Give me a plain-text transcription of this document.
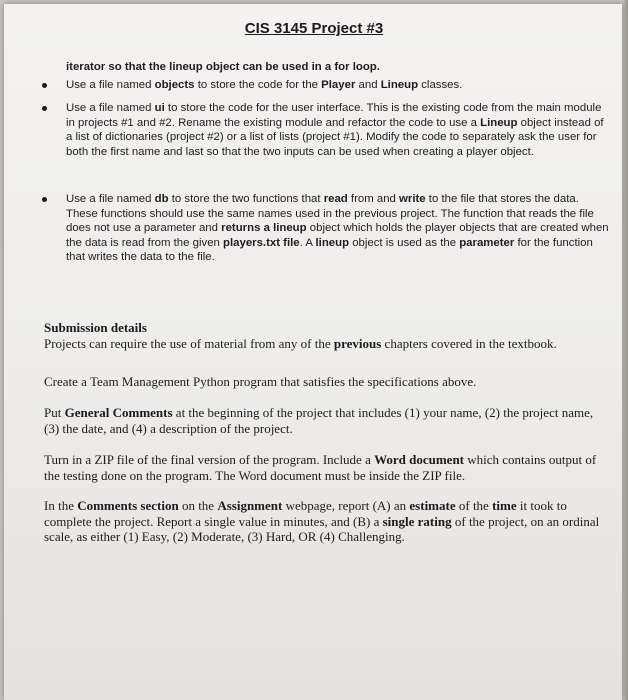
CIS 3145 Project #3
iterator so that the lineup object can be used in a for loop.
Use a file named objects to store the code for the Player and Lineup classes.
Use a file named ui to store the code for the user interface. This is the existing code from the main module in projects #1 and #2. Rename the existing module and refactor the code to use a Lineup object instead of a list of dictionaries (project #2) or a list of lists (project #1). Modify the code to separately ask the user for both the first name and last so that the two inputs can be used when creating a player object.
Use a file named db to store the two functions that read from and write to the file that stores the data. These functions should use the same names used in the previous project. The function that reads the file does not use a parameter and returns a lineup object which holds the player objects that are created when the data is read from the given players.txt file. A lineup object is used as the parameter for the function that writes the data to the file.
Submission details
Projects can require the use of material from any of the previous chapters covered in the textbook.
Create a Team Management Python program that satisfies the specifications above.
Put General Comments at the beginning of the project that includes (1) your name, (2) the project name, (3) the date, and (4) a description of the project.
Turn in a ZIP file of the final version of the program. Include a Word document which contains output of the testing done on the program. The Word document must be inside the ZIP file.
In the Comments section on the Assignment webpage, report (A) an estimate of the time it took to complete the project. Report a single value in minutes, and (B) a single rating of the project, on an ordinal scale, as either (1) Easy, (2) Moderate, (3) Hard, OR (4) Challenging.
